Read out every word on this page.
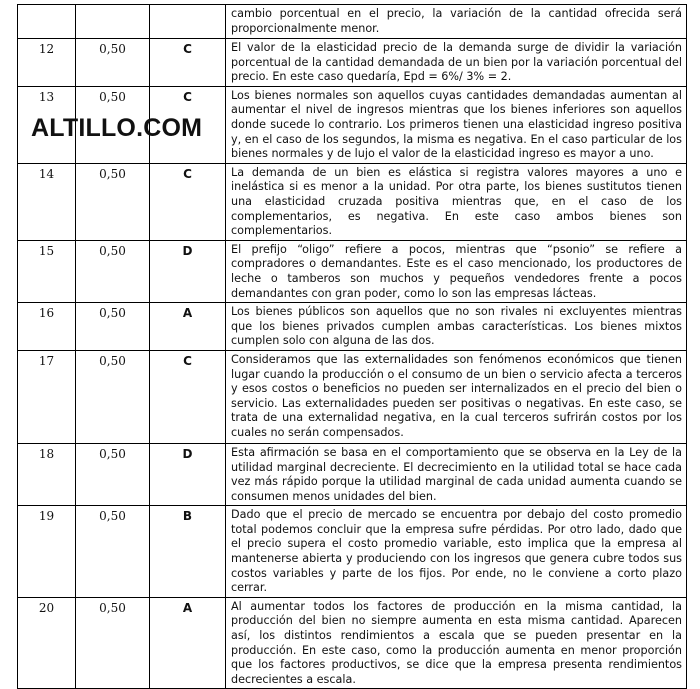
			cambio porcentual en el precio, la variación de la cantidad ofrecida será proporcionalmente menor.
12	0,50	C	El valor de la elasticidad precio de la demanda surge de dividir la variación porcentual de la cantidad demandada de un bien por la variación porcentual del precio. En este caso quedaría, Epd = 6%/ 3% = 2.
13	0,50	C	Los bienes normales son aquellos cuyas cantidades demandadas aumentan al aumentar el nivel de ingresos mientras que los bienes inferiores son aquellos donde sucede lo contrario. Los primeros tienen una elasticidad ingreso positiva y, en el caso de los segundos, la misma es negativa. En el caso particular de los bienes normales y de lujo el valor de la elasticidad ingreso es mayor a uno.
14	0,50	C	La demanda de un bien es elástica si registra valores mayores a uno e inelástica si es menor a la unidad. Por otra parte, los bienes sustitutos tienen una elasticidad cruzada positiva mientras que, en el caso de los complementarios, es negativa. En este caso ambos bienes son complementarios.
15	0,50	D	El prefijo “oligo” refiere a pocos, mientras que “psonio” se refiere a compradores o demandantes. Este es el caso mencionado, los productores de leche o tamberos son muchos y pequeños vendedores frente a pocos demandantes con gran poder, como lo son las empresas lácteas.
16	0,50	A	Los bienes públicos son aquellos que no son rivales ni excluyentes mientras que los bienes privados cumplen ambas características. Los bienes mixtos cumplen solo con alguna de las dos.
17	0,50	C	Consideramos que las externalidades son fenómenos económicos que tienen lugar cuando la producción o el consumo de un bien o servicio afecta a terceros y esos costos o beneficios no pueden ser internalizados en el precio del bien o servicio. Las externalidades pueden ser positivas o negativas. En este caso, se trata de una externalidad negativa, en la cual terceros sufrirán costos por los cuales no serán compensados.
18	0,50	D	Esta afirmación se basa en el comportamiento que se observa en la Ley de la utilidad marginal decreciente. El decrecimiento en la utilidad total se hace cada vez más rápido porque la utilidad marginal de cada unidad aumenta cuando se consumen menos unidades del bien.
19	0,50	B	Dado que el precio de mercado se encuentra por debajo del costo promedio total podemos concluir que la empresa sufre pérdidas. Por otro lado, dado que el precio supera el costo promedio variable, esto implica que la empresa al mantenerse abierta y produciendo con los ingresos que genera cubre todos sus costos variables y parte de los fijos. Por ende, no le conviene a corto plazo cerrar.
20	0,50	A	Al aumentar todos los factores de producción en la misma cantidad, la producción del bien no siempre aumenta en esta misma cantidad. Aparecen así, los distintos rendimientos a escala que se pueden presentar en la producción. En este caso, como la producción aumenta en menor proporción que los factores productivos, se dice que la empresa presenta rendimientos decrecientes a escala.
ALTILLO.COM
